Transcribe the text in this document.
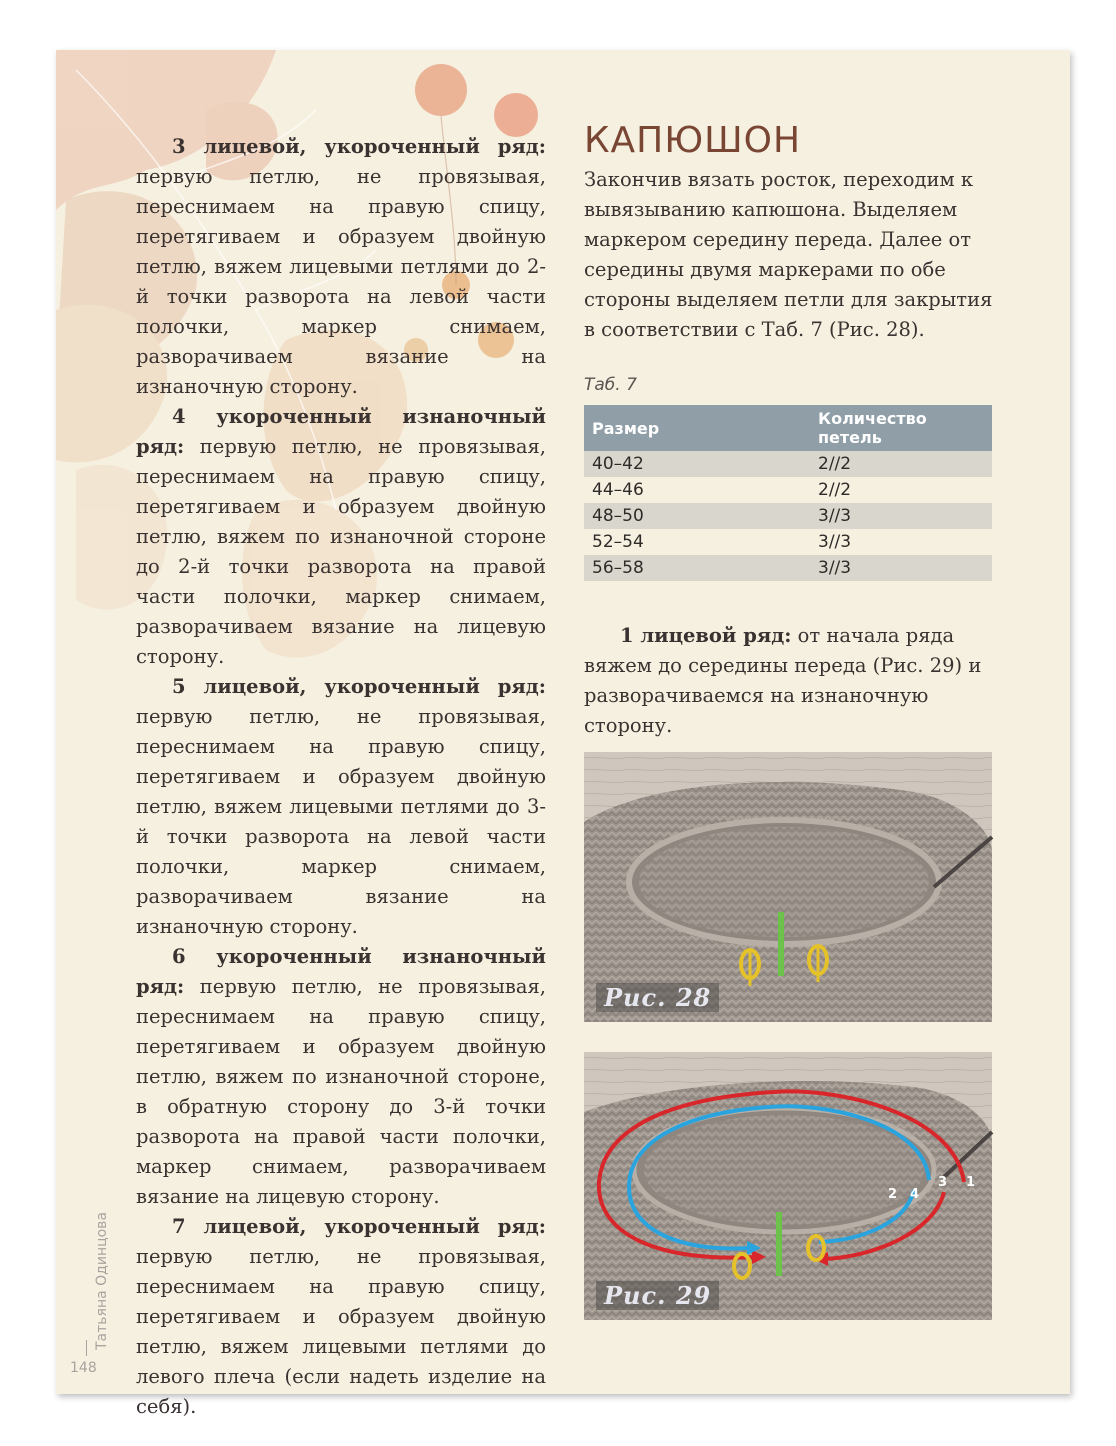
3 лицевой, укороченный ряд: первую петлю, не провязывая, переснимаем на правую спицу, перетягиваем и образуем двойную петлю, вяжем лицевыми петлями до 2-й точки разворота на левой части полочки, маркер снимаем, разворачиваем вязание на изнаночную сторону.

4 укороченный изнаночный ряд: первую петлю, не провязывая, переснимаем на правую спицу, перетягиваем и образуем двойную петлю, вяжем по изнаночной стороне до 2-й точки разворота на правой части полочки, маркер снимаем, разворачиваем вязание на лицевую сторону.

5 лицевой, укороченный ряд: первую петлю, не провязывая, переснимаем на правую спицу, перетягиваем и образуем двойную петлю, вяжем лицевыми петлями до 3-й точки разворота на левой части полочки, маркер снимаем, разворачиваем вязание на изнаночную сторону.

6 укороченный изнаночный ряд: первую петлю, не провязывая, переснимаем на правую спицу, перетягиваем и образуем двойную петлю, вяжем по изнаночной стороне, в обратную сторону до 3-й точки разворота на правой части полочки, маркер снимаем, разворачиваем вязание на лицевую сторону.

7 лицевой, укороченный ряд: первую петлю, не провязывая, переснимаем на правую спицу, перетягиваем и образуем двойную петлю, вяжем лицевыми петлями до левого плеча (если надеть изделие на себя).

КАПЮШОН

Закончив вязать росток, переходим к вывязыванию капюшона. Выделяем маркером середину переда. Далее от середины двумя маркерами по обе стороны выделяем петли для закрытия в соответствии с Таб. 7 (Рис. 28).

Таб. 7
Размер	Количество петель
40–42	2//2
44–46	2//2
48–50	3//3
52–54	3//3
56–58	3//3

1 лицевой ряд: от начала ряда вяжем до середины переда (Рис. 29) и разворачиваемся на изнаночную сторону.

Рис. 28
2 4
3 1
Рис. 29
Татьяна Одинцова
148
